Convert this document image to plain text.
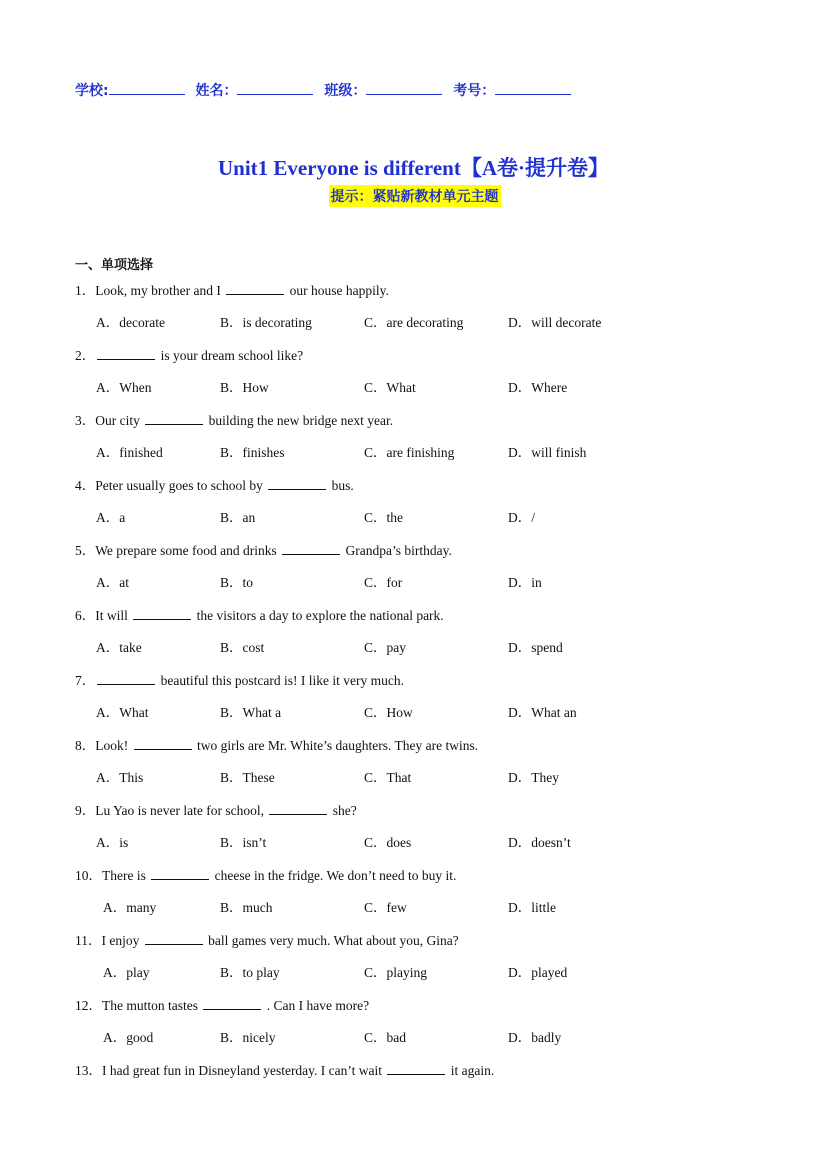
学校:	姓名：	班级：	考号：
Unit1 Everyone is different【A卷·提升卷】
提示：紧贴新教材单元主题
一、单项选择
1．Look, my brother and I	our house happily.
A．decorate	B．is decorating	C．are decorating	D．will decorate
2．	is your dream school like?
A．When	B．How	C．What	D．Where
3．Our city	building the new bridge next year.
A．finished	B．finishes	C．are finishing	D．will finish
4．Peter usually goes to school by	bus.
A．a	B．an	C．the	D．/
5．We prepare some food and drinks	Grandpa’s birthday.
A．at	B．to	C．for	D．in
6．It will	the visitors a day to explore the national park.
A．take	B．cost	C．pay	D．spend
7．	beautiful this postcard is! I like it very much.
A．What	B．What a	C．How	D．What an
8．Look!	two girls are Mr. White’s daughters. They are twins.
A．This	B．These	C．That	D．They
9．Lu Yao is never late for school,	she?
A．is	B．isn’t	C．does	D．doesn’t
10．There is	cheese in the fridge. We don’t need to buy it.
A．many	B．much	C．few	D．little
11．I enjoy	ball games very much. What about you, Gina?
A．play	B．to play	C．playing	D．played
12．The mutton tastes	. Can I have more?
A．good	B．nicely	C．bad	D．badly
13．I had great fun in Disneyland yesterday. I can’t wait	it again.
